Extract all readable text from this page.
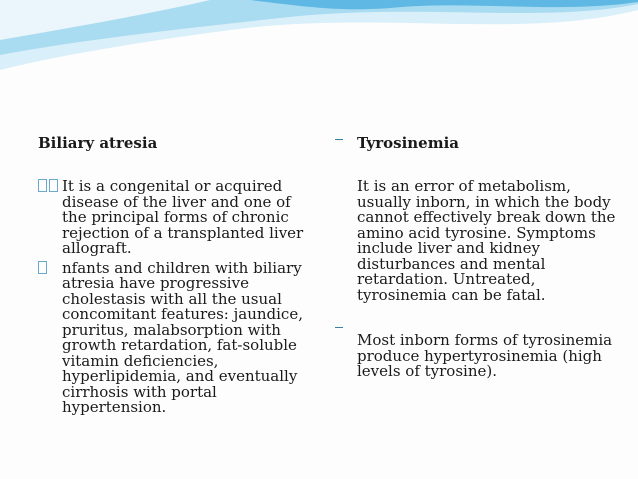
Biliary atresia
It is a congenital or acquired disease of the liver and one of the principal forms of chronic rejection of a transplanted liver allograft.
nfants and children with biliary atresia have progressive cholestasis with all the usual concomitant features: jaundice, pruritus, malabsorption with growth retardation, fat-soluble vitamin deficiencies, hyperlipidemia, and eventually cirrhosis with portal hypertension.
Tyrosinemia
It is an error of metabolism, usually inborn, in which the body cannot effectively break down the amino acid tyrosine. Symptoms include liver and kidney disturbances and mental retardation. Untreated, tyrosinemia can be fatal.
Most inborn forms of tyrosinemia produce hypertyrosinemia (high levels of tyrosine).
